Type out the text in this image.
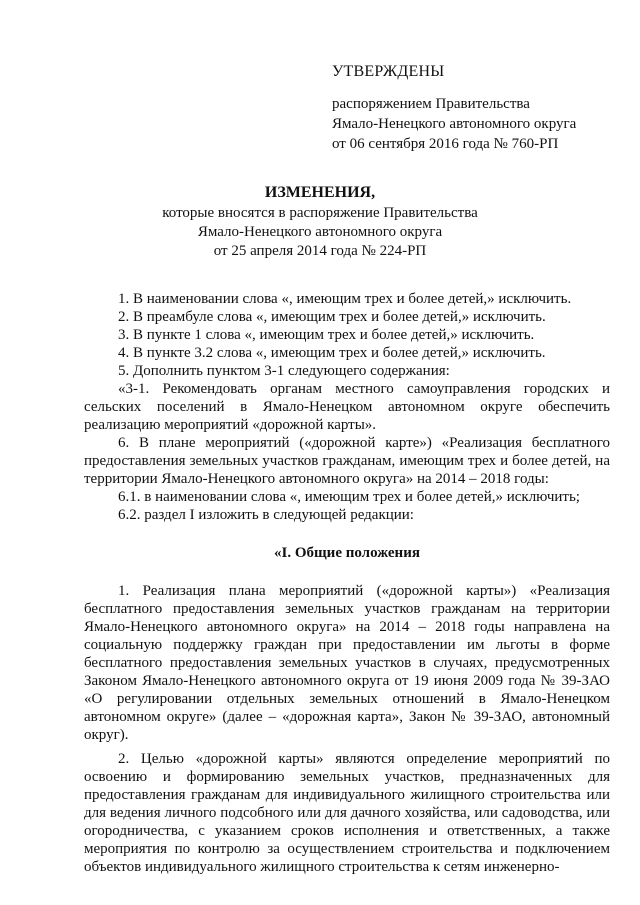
УТВЕРЖДЕНЫ
распоряжением Правительства
Ямало-Ненецкого автономного округа
от 06 сентября 2016 года № 760-РП
ИЗМЕНЕНИЯ,
которые вносятся в распоряжение Правительства
Ямало-Ненецкого автономного округа
от 25 апреля 2014 года № 224-РП

1. В наименовании слова «, имеющим трех и более детей,» исключить.

2. В преамбуле слова «, имеющим трех и более детей,» исключить.

3. В пункте 1 слова «, имеющим трех и более детей,» исключить.

4. В пункте 3.2 слова «, имеющим трех и более детей,» исключить.

5. Дополнить пунктом 3-1 следующего содержания:

«3-1. Рекомендовать органам местного самоуправления городских и сельских поселений в Ямало-Ненецком автономном округе обеспечить реализацию мероприятий «дорожной карты».

6. В плане мероприятий («дорожной карте») «Реализация бесплатного предоставления земельных участков гражданам, имеющим трех и более детей, на территории Ямало-Ненецкого автономного округа» на 2014 – 2018 годы:

6.1. в наименовании слова «, имеющим трех и более детей,» исключить;

6.2. раздел I изложить в следующей редакции:

«I. Общие положения

1. Реализация плана мероприятий («дорожной карты») «Реализация бесплатного предоставления земельных участков гражданам на территории Ямало-Ненецкого автономного округа» на 2014 – 2018 годы направлена на социальную поддержку граждан при предоставлении им льготы в форме бесплатного предоставления земельных участков в случаях, предусмотренных Законом Ямало-Ненецкого автономного округа от 19 июня 2009 года № 39-ЗАО «О регулировании отдельных земельных отношений в Ямало-Ненецком автономном округе» (далее – «дорожная карта», Закон № 39-ЗАО, автономный округ).

2. Целью «дорожной карты» являются определение мероприятий по освоению и формированию земельных участков, предназначенных для предоставления гражданам для индивидуального жилищного строительства или для ведения личного подсобного или для дачного хозяйства, или садоводства, или огородничества, с указанием сроков исполнения и ответственных, а также мероприятия по контролю за осуществлением строительства и подключением объектов индивидуального жилищного строительства к сетям инженерно-
